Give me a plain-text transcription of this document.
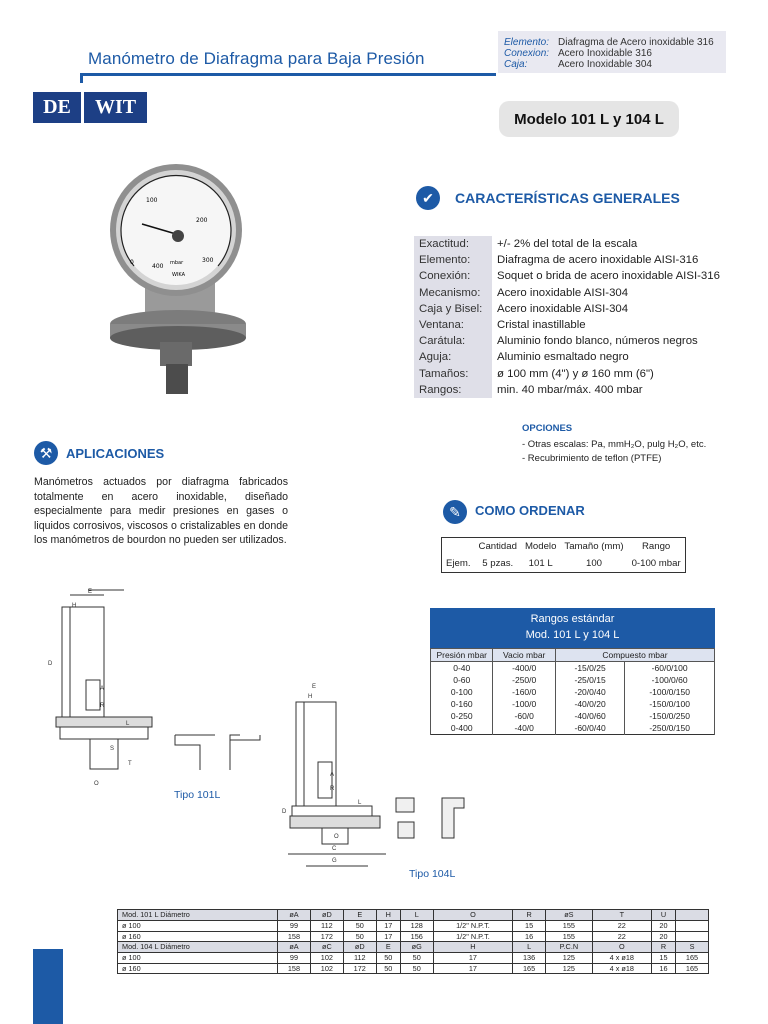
Manómetro de Diafragma para Baja Presión
Elemento: Diafragma de Acero inoxidable 316
Conexion: Acero Inoxidable 316
Caja:	Acero Inoxidable 304
DE	WIT
Modelo 101 L y 104 L
0
100
200
300
400 mbar
WIKA
✔	CARACTERÍSTICAS GENERALES
Exactitud:	+/- 2% del total de la escala
Elemento:	Diafragma de acero inoxidable AISI-316
Conexión:	Soquet o brida de acero inoxidable AISI-316
Mecanismo:	Acero inoxidable AISI-304
Caja y Bisel:	Acero inoxidable AISI-304
Ventana:	Cristal inastillable
Carátula:	Aluminio fondo blanco, números negros
Aguja:	Aluminio esmaltado negro
Tamaños:	ø 100 mm (4") y ø 160 mm (6")
Rangos:	min. 40 mbar/máx. 400 mbar
OPCIONES
- Otras escalas: Pa, mmH₂O, pulg H₂O, etc.
- Recubrimiento de teflon (PTFE)
⚒	APLICACIONES
Manómetros actuados por diafragma fabricados totalmente en acero inoxidable, diseñado especialmente para medir presiones en gases o liquidos corrosivos, viscosos o cristalizables en donde los manómetros de bourdon no pueden ser utilizados.
✎	COMO ORDENAR
	Cantidad	Modelo	Tamaño (mm)	Rango
Ejem.	5 pzas.	101 L	100	0-100 mbar
Rangos estándar
Mod. 101 L y 104 L
Presión mbar	Vacio mbar	Compuesto mbar	
0-40	-400/0	-15/0/25	-60/0/100
0-60	-250/0	-25/0/15	-100/0/60
0-100	-160/0	-20/0/40	-100/0/150
0-160	-100/0	-40/0/20	-150/0/100
0-250	-60/0	-40/0/60	-150/0/250
0-400	-40/0	-60/0/40	-250/0/150
E
H
A
R
L
S
T
O
D
Tipo 101L
E
H
A
R
L
O
D
C
G
Tipo 104L
Mod. 101 L Diámetro	øA	øD	E	H	L	O	R	øS	T	U	
ø 100	99	112	50	17	128	1/2" N.P.T.	15	155	22	20	
ø 160	158	172	50	17	156	1/2" N.P.T.	16	155	22	20	
Mod. 104 L Diámetro	øA	øC	øD	E	øG	H	L	P.C.N	O	R	S
ø 100	99	102	112	50	50	17	136	125	4 x ø18	15	165
ø 160	158	102	172	50	50	17	165	125	4 x ø18	16	165
